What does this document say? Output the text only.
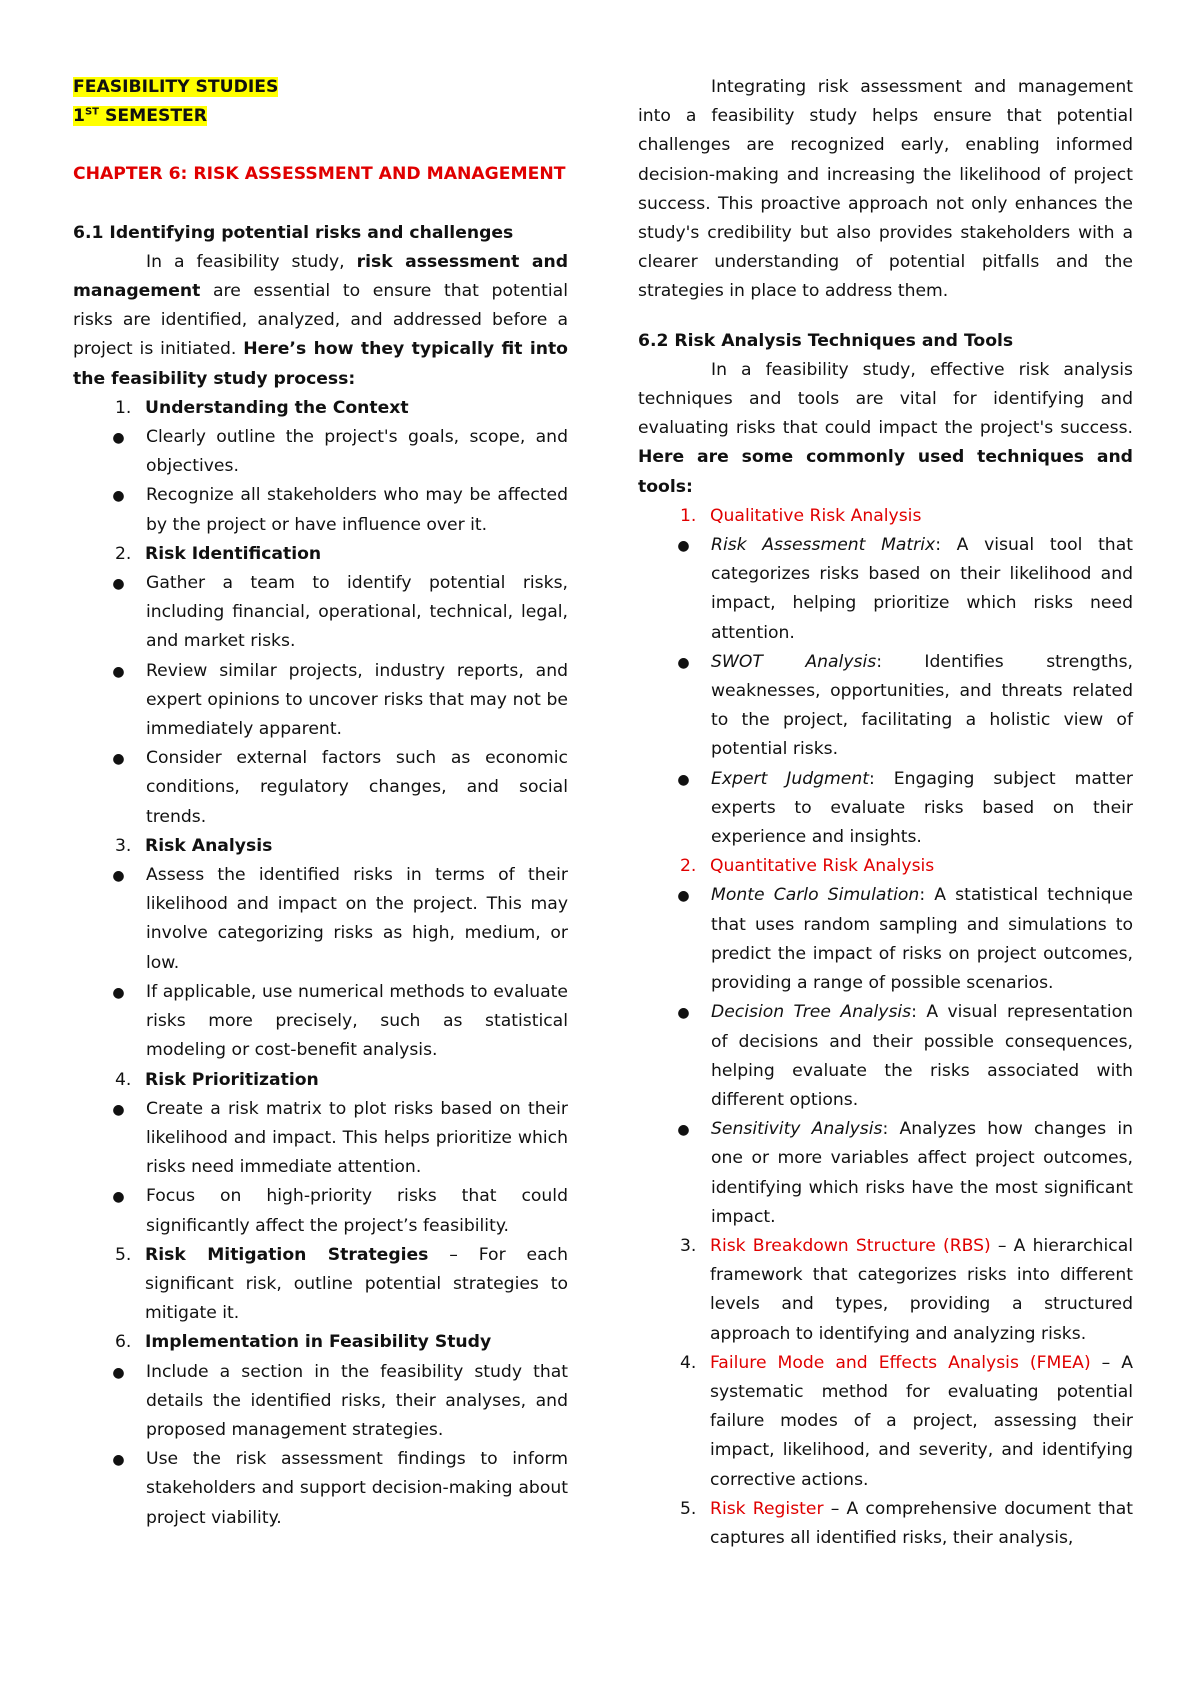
FEASIBILITY STUDIES

1ST SEMESTER

CHAPTER 6: RISK ASSESSMENT AND MANAGEMENT

6.1 Identifying potential risks and challenges

In a feasibility study, risk assessment and management are essential to ensure that potential risks are identified, analyzed, and addressed before a project is initiated. Here’s how they typically fit into the feasibility study process:

1. Understanding the Context
●	Clearly outline the project's goals, scope, and objectives.
●	Recognize all stakeholders who may be affected by the project or have influence over it.
2. Risk Identification
●	Gather a team to identify potential risks, including financial, operational, technical, legal, and market risks.
●	Review similar projects, industry reports, and expert opinions to uncover risks that may not be immediately apparent.
●	Consider external factors such as economic conditions, regulatory changes, and social trends.
3. Risk Analysis
●	Assess the identified risks in terms of their likelihood and impact on the project. This may involve categorizing risks as high, medium, or low.
●	If applicable, use numerical methods to evaluate risks more precisely, such as statistical modeling or cost-benefit analysis.
4. Risk Prioritization
●	Create a risk matrix to plot risks based on their likelihood and impact. This helps prioritize which risks need immediate attention.
●	Focus on high-priority risks that could significantly affect the project’s feasibility.
5. Risk Mitigation Strategies – For each significant risk, outline potential strategies to mitigate it.
6. Implementation in Feasibility Study
●	Include a section in the feasibility study that details the identified risks, their analyses, and proposed management strategies.
●	Use the risk assessment findings to inform stakeholders and support decision-making about project viability.

Integrating risk assessment and management into a feasibility study helps ensure that potential challenges are recognized early, enabling informed decision-making and increasing the likelihood of project success. This proactive approach not only enhances the study's credibility but also provides stakeholders with a clearer understanding of potential pitfalls and the strategies in place to address them.

6.2 Risk Analysis Techniques and Tools

In a feasibility study, effective risk analysis techniques and tools are vital for identifying and evaluating risks that could impact the project's success. Here are some commonly used techniques and tools:

1. Qualitative Risk Analysis
●	Risk Assessment Matrix: A visual tool that categorizes risks based on their likelihood and impact, helping prioritize which risks need attention.
●	SWOT Analysis: Identifies strengths, weaknesses, opportunities, and threats related to the project, facilitating a holistic view of potential risks.
●	Expert Judgment: Engaging subject matter experts to evaluate risks based on their experience and insights.
2. Quantitative Risk Analysis
●	Monte Carlo Simulation: A statistical technique that uses random sampling and simulations to predict the impact of risks on project outcomes, providing a range of possible scenarios.
●	Decision Tree Analysis: A visual representation of decisions and their possible consequences, helping evaluate the risks associated with different options.
●	Sensitivity Analysis: Analyzes how changes in one or more variables affect project outcomes, identifying which risks have the most significant impact.
3. Risk Breakdown Structure (RBS) – A hierarchical framework that categorizes risks into different levels and types, providing a structured approach to identifying and analyzing risks.
4. Failure Mode and Effects Analysis (FMEA) – A systematic method for evaluating potential failure modes of a project, assessing their impact, likelihood, and severity, and identifying corrective actions.
5. Risk Register – A comprehensive document that captures all identified risks, their analysis,
